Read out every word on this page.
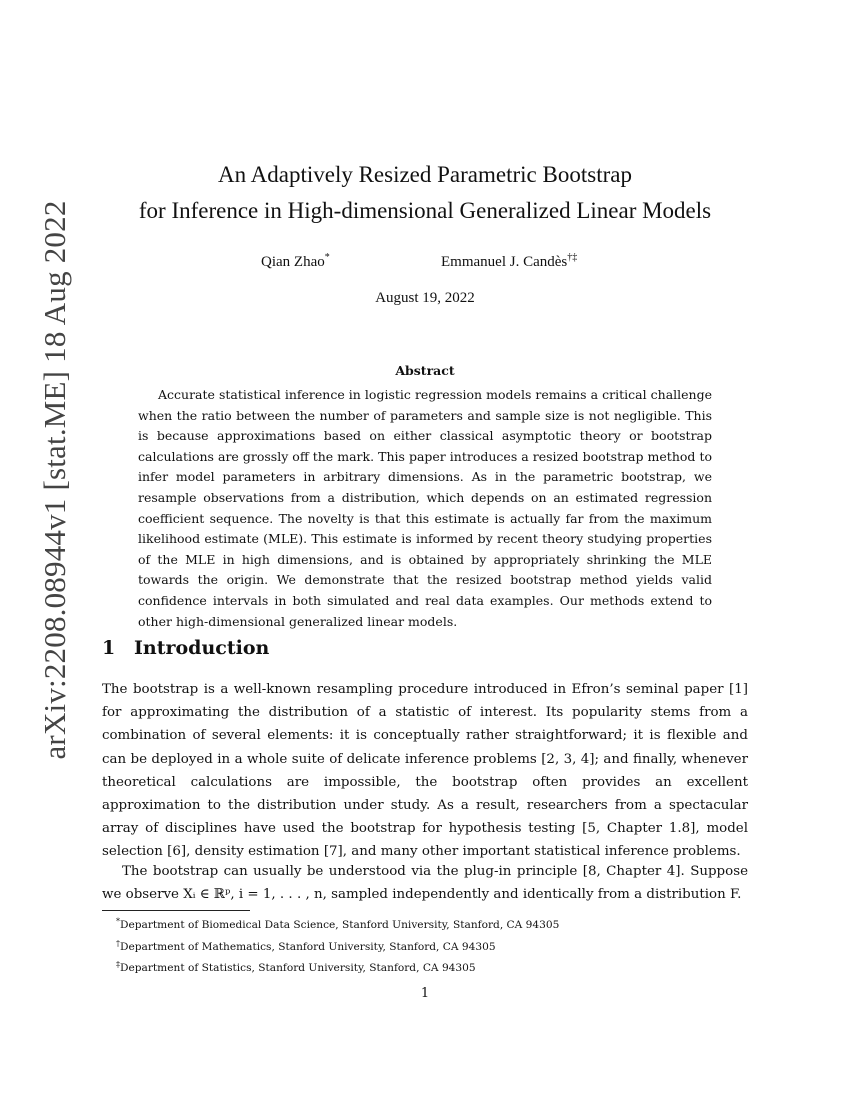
arXiv:2208.08944v1 [stat.ME] 18 Aug 2022
An Adaptively Resized Parametric Bootstrap
for Inference in High-dimensional Generalized Linear Models
Qian Zhao*	Emmanuel J. Candès†‡
August 19, 2022
Abstract
Accurate statistical inference in logistic regression models remains a critical challenge when the ratio between the number of parameters and sample size is not negligible. This is because approximations based on either classical asymptotic theory or bootstrap calculations are grossly off the mark. This paper introduces a resized bootstrap method to infer model parameters in arbitrary dimensions. As in the parametric bootstrap, we resample observations from a distribution, which depends on an estimated regression coefficient sequence. The novelty is that this estimate is actually far from the maximum likelihood estimate (MLE). This estimate is informed by recent theory studying properties of the MLE in high dimensions, and is obtained by appropriately shrinking the MLE towards the origin. We demonstrate that the resized bootstrap method yields valid confidence intervals in both simulated and real data examples. Our methods extend to other high-dimensional generalized linear models.
1 Introduction
The bootstrap is a well-known resampling procedure introduced in Efron’s seminal paper [1] for approximating the distribution of a statistic of interest. Its popularity stems from a combination of several elements: it is conceptually rather straightforward; it is flexible and can be deployed in a whole suite of delicate inference problems [2, 3, 4]; and finally, whenever theoretical calculations are impossible, the bootstrap often provides an excellent approximation to the distribution under study. As a result, researchers from a spectacular array of disciplines have used the bootstrap for hypothesis testing [5, Chapter 1.8], model selection [6], density estimation [7], and many other important statistical inference problems.
The bootstrap can usually be understood via the plug-in principle [8, Chapter 4]. Suppose we observe Xᵢ ∈ ℝᵖ, i = 1, . . . , n, sampled independently and identically from a distribution F.
*Department of Biomedical Data Science, Stanford University, Stanford, CA 94305
†Department of Mathematics, Stanford University, Stanford, CA 94305
‡Department of Statistics, Stanford University, Stanford, CA 94305
1
